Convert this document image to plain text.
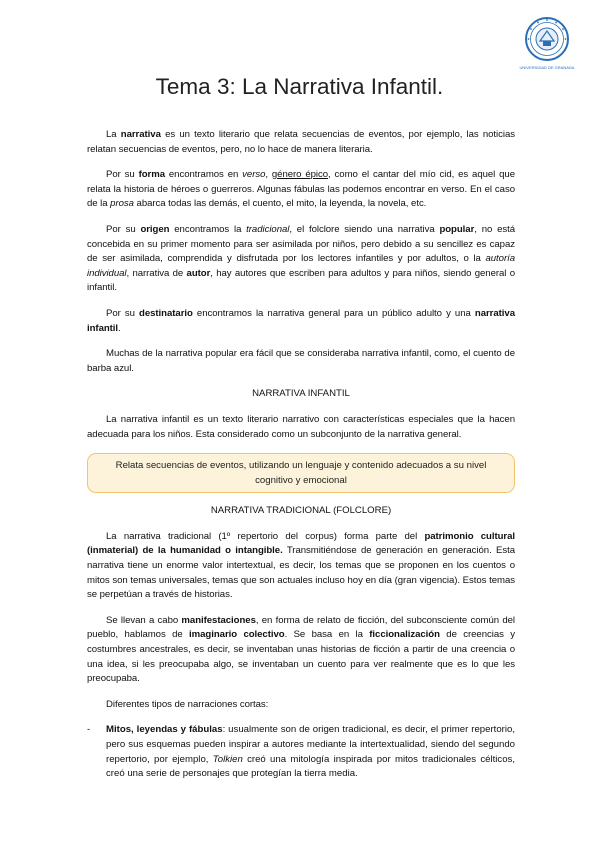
UNIVERSIDAD DE GRANADA
Tema 3: La Narrativa Infantil.

La narrativa es un texto literario que relata secuencias de eventos, por ejemplo, las noticias relatan secuencias de eventos, pero, no lo hace de manera literaria.

Por su forma encontramos en verso, género épico, como el cantar del mío cid, es aquel que relata la historia de héroes o guerreros. Algunas fábulas las podemos encontrar en verso. En el caso de la prosa abarca todas las demás, el cuento, el mito, la leyenda, la novela, etc.

Por su origen encontramos la tradicional, el folclore siendo una narrativa popular, no está concebida en su primer momento para ser asimilada por niños, pero debido a su sencillez es capaz de ser asimilada, comprendida y disfrutada por los lectores infantiles y por adultos, o la autoría individual, narrativa de autor, hay autores que escriben para adultos y para niños, siendo general o infantil.

Por su destinatario encontramos la narrativa general para un público adulto y una narrativa infantil.

Muchas de la narrativa popular era fácil que se consideraba narrativa infantil, como, el cuento de barba azul.

NARRATIVA INFANTIL

La narrativa infantil es un texto literario narrativo con características especiales que la hacen adecuada para los niños. Esta considerado como un subconjunto de la narrativa general.

Relata secuencias de eventos, utilizando un lenguaje y contenido adecuados a su nivel cognitivo y emocional
NARRATIVA TRADICIONAL (FOLCLORE)

La narrativa tradicional (1º repertorio del corpus) forma parte del patrimonio cultural (inmaterial) de la humanidad o intangible. Transmitiéndose de generación en generación. Esta narrativa tiene un enorme valor intertextual, es decir, los temas que se proponen en los cuentos o mitos son temas universales, temas que son actuales incluso hoy en día (gran vigencia). Estos temas se perpetúan a través de historias.

Se llevan a cabo manifestaciones, en forma de relato de ficción, del subconsciente común del pueblo, hablamos de imaginario colectivo. Se basa en la ficcionalización de creencias y costumbres ancestrales, es decir, se inventaban unas historias de ficción a partir de una creencia o una idea, si les preocupaba algo, se inventaban un cuento para ver realmente que es lo que les preocupaba.

Diferentes tipos de narraciones cortas:

- Mitos, leyendas y fábulas: usualmente son de origen tradicional, es decir, el primer repertorio, pero sus esquemas pueden inspirar a autores mediante la intertextualidad, siendo del segundo repertorio, por ejemplo, Tolkien creó una mitología inspirada por mitos tradicionales célticos, creó una serie de personajes que protegían la tierra media.
